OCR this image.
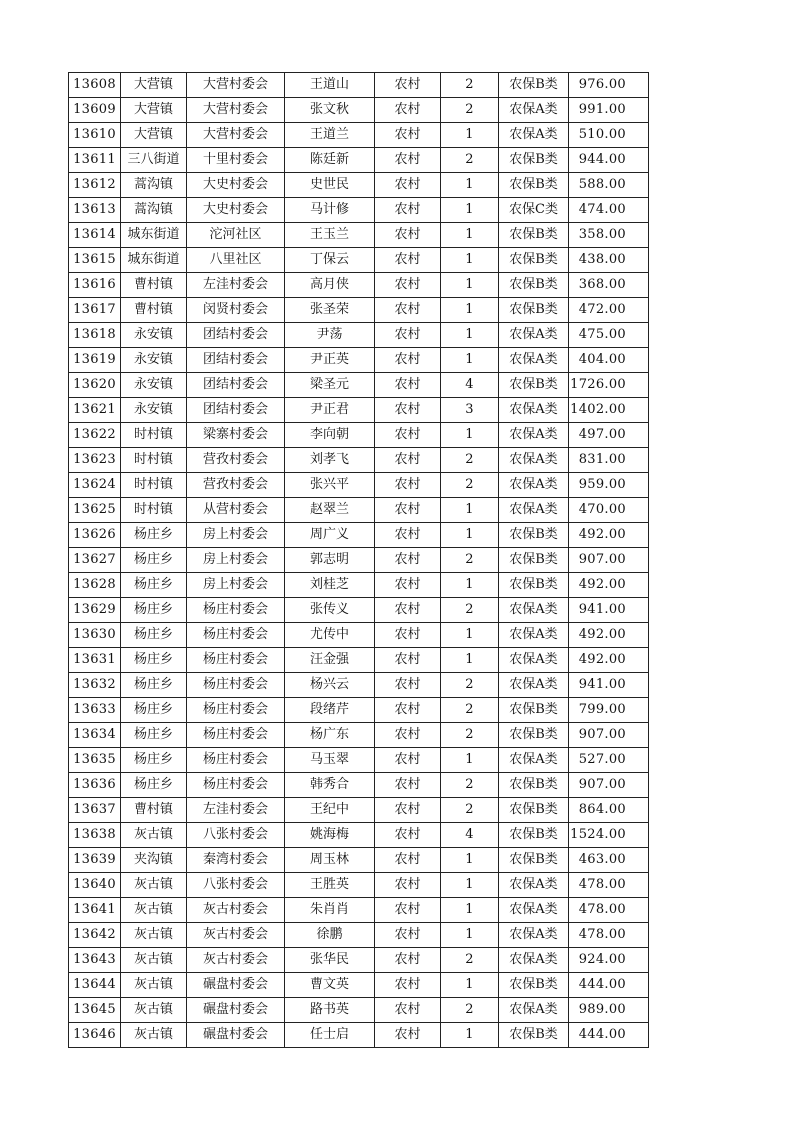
13608	大营镇	大营村委会	王道山	农村	2	农保B类	976.00
13609	大营镇	大营村委会	张文秋	农村	2	农保A类	991.00
13610	大营镇	大营村委会	王道兰	农村	1	农保A类	510.00
13611	三八街道	十里村委会	陈廷新	农村	2	农保B类	944.00
13612	蒿沟镇	大史村委会	史世民	农村	1	农保B类	588.00
13613	蒿沟镇	大史村委会	马计修	农村	1	农保C类	474.00
13614	城东街道	沱河社区	王玉兰	农村	1	农保B类	358.00
13615	城东街道	八里社区	丁保云	农村	1	农保B类	438.00
13616	曹村镇	左洼村委会	高月侠	农村	1	农保B类	368.00
13617	曹村镇	闵贤村委会	张圣荣	农村	1	农保B类	472.00
13618	永安镇	团结村委会	尹荡	农村	1	农保A类	475.00
13619	永安镇	团结村委会	尹正英	农村	1	农保A类	404.00
13620	永安镇	团结村委会	梁圣元	农村	4	农保B类	1726.00
13621	永安镇	团结村委会	尹正君	农村	3	农保A类	1402.00
13622	时村镇	梁寨村委会	李向朝	农村	1	农保A类	497.00
13623	时村镇	营孜村委会	刘孝飞	农村	2	农保A类	831.00
13624	时村镇	营孜村委会	张兴平	农村	2	农保A类	959.00
13625	时村镇	从营村委会	赵翠兰	农村	1	农保A类	470.00
13626	杨庄乡	房上村委会	周广义	农村	1	农保B类	492.00
13627	杨庄乡	房上村委会	郭志明	农村	2	农保B类	907.00
13628	杨庄乡	房上村委会	刘桂芝	农村	1	农保B类	492.00
13629	杨庄乡	杨庄村委会	张传义	农村	2	农保A类	941.00
13630	杨庄乡	杨庄村委会	尤传中	农村	1	农保A类	492.00
13631	杨庄乡	杨庄村委会	汪金强	农村	1	农保A类	492.00
13632	杨庄乡	杨庄村委会	杨兴云	农村	2	农保A类	941.00
13633	杨庄乡	杨庄村委会	段绪芹	农村	2	农保B类	799.00
13634	杨庄乡	杨庄村委会	杨广东	农村	2	农保B类	907.00
13635	杨庄乡	杨庄村委会	马玉翠	农村	1	农保A类	527.00
13636	杨庄乡	杨庄村委会	韩秀合	农村	2	农保B类	907.00
13637	曹村镇	左洼村委会	王纪中	农村	2	农保B类	864.00
13638	灰古镇	八张村委会	姚海梅	农村	4	农保B类	1524.00
13639	夹沟镇	秦湾村委会	周玉林	农村	1	农保B类	463.00
13640	灰古镇	八张村委会	王胜英	农村	1	农保A类	478.00
13641	灰古镇	灰古村委会	朱肖肖	农村	1	农保A类	478.00
13642	灰古镇	灰古村委会	徐鹏	农村	1	农保A类	478.00
13643	灰古镇	灰古村委会	张华民	农村	2	农保A类	924.00
13644	灰古镇	碾盘村委会	曹文英	农村	1	农保B类	444.00
13645	灰古镇	碾盘村委会	路书英	农村	2	农保A类	989.00
13646	灰古镇	碾盘村委会	任士启	农村	1	农保B类	444.00
